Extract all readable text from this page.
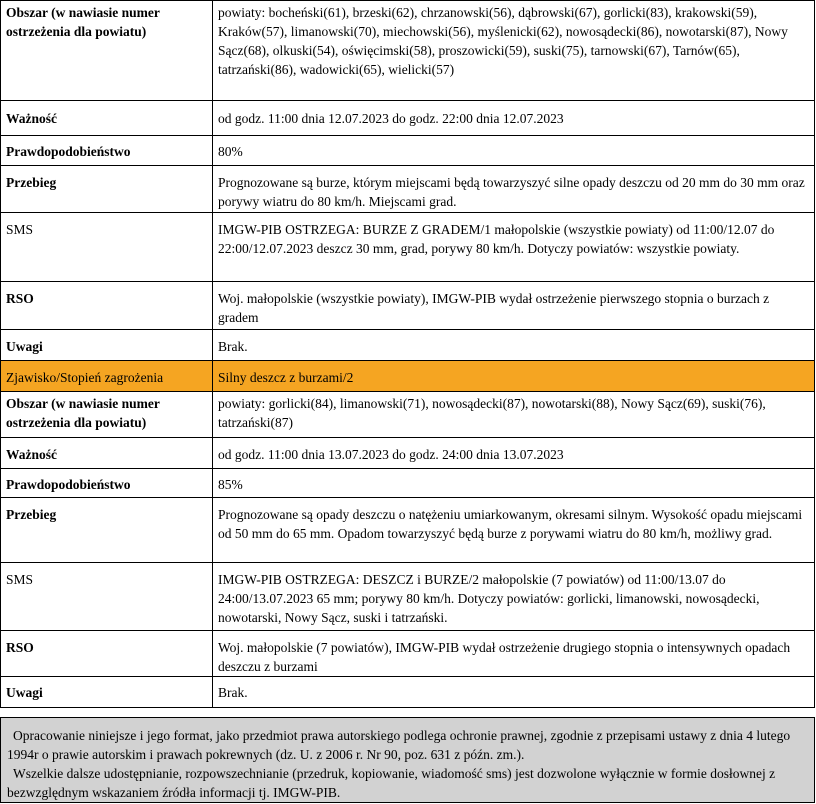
Obszar (w nawiasie numer ostrzeżenia dla powiatu)	powiaty: bocheński(61), brzeski(62), chrzanowski(56), dąbrowski(67), gorlicki(83), krakowski(59), Kraków(57), limanowski(70), miechowski(56), myślenicki(62), nowosądecki(86), nowotarski(87), Nowy Sącz(68), olkuski(54), oświęcimski(58), proszowicki(59), suski(75), tarnowski(67), Tarnów(65), tatrzański(86), wadowicki(65), wielicki(57)
Ważność	od godz. 11:00 dnia 12.07.2023 do godz. 22:00 dnia 12.07.2023
Prawdopodobieństwo	80%
Przebieg	Prognozowane są burze, którym miejscami będą towarzyszyć silne opady deszczu od 20 mm do 30 mm oraz porywy wiatru do 80 km/h. Miejscami grad.
SMS	IMGW-PIB OSTRZEGA: BURZE Z GRADEM/1 małopolskie (wszystkie powiaty) od 11:00/12.07 do 22:00/12.07.2023 deszcz 30 mm, grad, porywy 80 km/h. Dotyczy powiatów: wszystkie powiaty.
RSO	Woj. małopolskie (wszystkie powiaty), IMGW-PIB wydał ostrzeżenie pierwszego stopnia o burzach z gradem
Uwagi	Brak.
Zjawisko/Stopień zagrożenia	Silny deszcz z burzami/2
Obszar (w nawiasie numer ostrzeżenia dla powiatu)	powiaty: gorlicki(84), limanowski(71), nowosądecki(87), nowotarski(88), Nowy Sącz(69), suski(76), tatrzański(87)
Ważność	od godz. 11:00 dnia 13.07.2023 do godz. 24:00 dnia 13.07.2023
Prawdopodobieństwo	85%
Przebieg	Prognozowane są opady deszczu o natężeniu umiarkowanym, okresami silnym. Wysokość opadu miejscami od 50 mm do 65 mm. Opadom towarzyszyć będą burze z porywami wiatru do 80 km/h, możliwy grad.
SMS	IMGW-PIB OSTRZEGA: DESZCZ i BURZE/2 małopolskie (7 powiatów) od 11:00/13.07 do 24:00/13.07.2023 65 mm; porywy 80 km/h. Dotyczy powiatów: gorlicki, limanowski, nowosądecki, nowotarski, Nowy Sącz, suski i tatrzański.
RSO	Woj. małopolskie (7 powiatów), IMGW-PIB wydał ostrzeżenie drugiego stopnia o intensywnych opadach deszczu z burzami
Uwagi	Brak.

Opracowanie niniejsze i jego format, jako przedmiot prawa autorskiego podlega ochronie prawnej, zgodnie z przepisami ustawy z dnia 4 lutego 1994r o prawie autorskim i prawach pokrewnych (dz. U. z 2006 r. Nr 90, poz. 631 z późn. zm.).

Wszelkie dalsze udostępnianie, rozpowszechnianie (przedruk, kopiowanie, wiadomość sms) jest dozwolone wyłącznie w formie dosłownej z bezwzględnym wskazaniem źródła informacji tj. IMGW-PIB.
